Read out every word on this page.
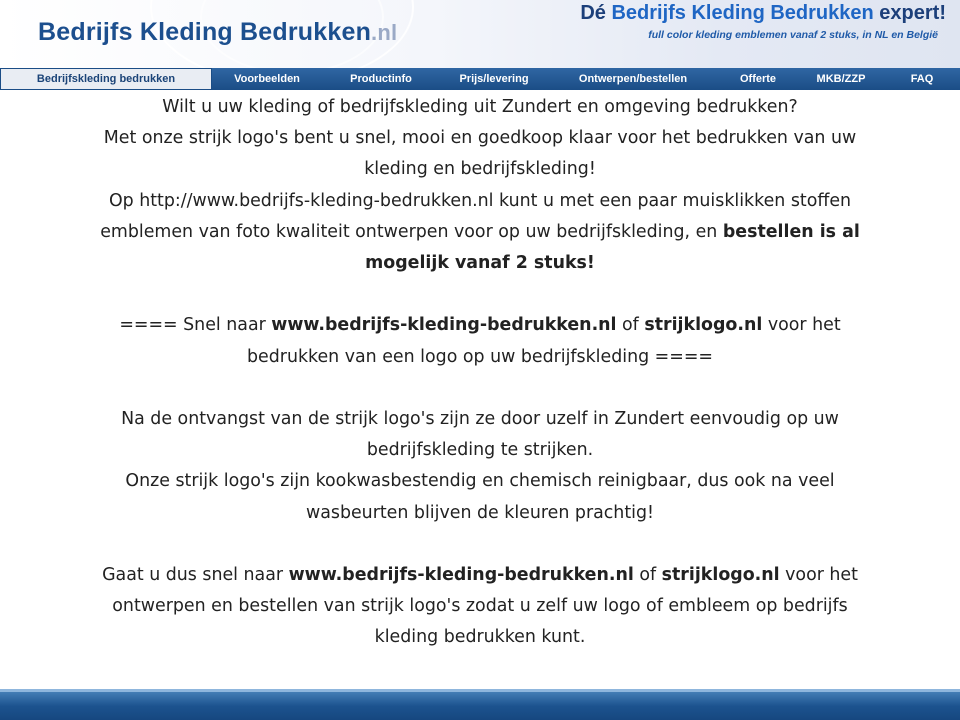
Bedrijfs Kleding Bedrukken.nl
Dé Bedrijfs Kleding Bedrukken expert!
full color kleding emblemen vanaf 2 stuks, in NL en België
Bedrijfskleding bedrukken	Voorbeelden	Productinfo	Prijs/levering	Ontwerpen/bestellen	Offerte	MKB/ZZP	FAQ

Wilt u uw kleding of bedrijfskleding uit Zundert en omgeving bedrukken?

Met onze strijk logo's bent u snel, mooi en goedkoop klaar voor het bedrukken van uw

kleding en bedrijfskleding!

Op http://www.bedrijfs-kleding-bedrukken.nl kunt u met een paar muisklikken stoffen

emblemen van foto kwaliteit ontwerpen voor op uw bedrijfskleding, en bestellen is al

mogelijk vanaf 2 stuks!

==== Snel naar www.bedrijfs-kleding-bedrukken.nl of strijklogo.nl voor het

bedrukken van een logo op uw bedrijfskleding ====

Na de ontvangst van de strijk logo's zijn ze door uzelf in Zundert eenvoudig op uw

bedrijfskleding te strijken.

Onze strijk logo's zijn kookwasbestendig en chemisch reinigbaar, dus ook na veel

wasbeurten blijven de kleuren prachtig!

Gaat u dus snel naar www.bedrijfs-kleding-bedrukken.nl of strijklogo.nl voor het

ontwerpen en bestellen van strijk logo's zodat u zelf uw logo of embleem op bedrijfs

kleding bedrukken kunt.
